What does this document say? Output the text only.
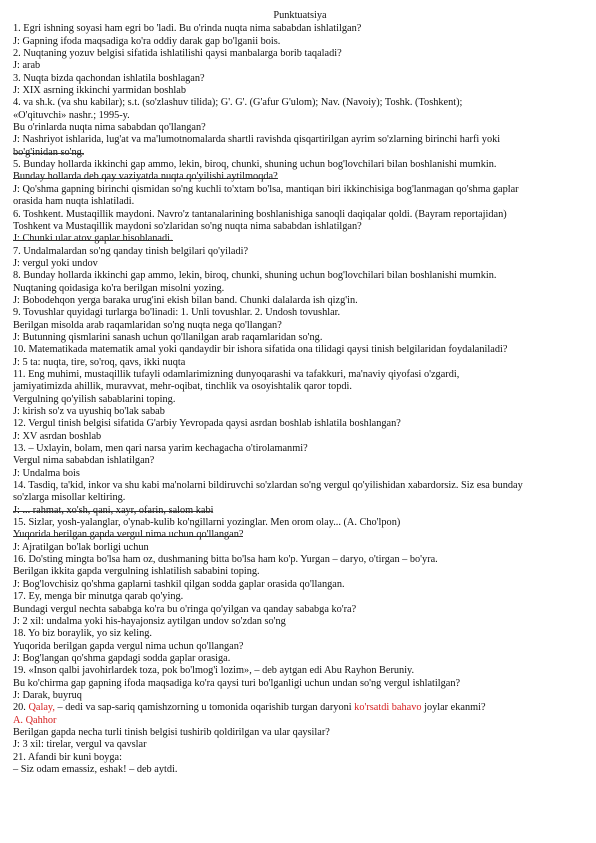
Punktuatsiya
1. Egri ishning soyasi ham egri bo 'ladi. Bu o'rinda nuqta nima sababdan ishlatilgan?
J: Gapning ifoda maqsadiga ko'ra oddiy darak gap bo'lganii bois.
2. Nuqtaning yozuv belgisi sifatida ishlatilishi qaysi manbalarga borib taqaladi?
J: arab
3. Nuqta bizda qachondan ishlatila boshlagan?
J: XIX asrning ikkinchi yarmidan boshlab
4. va sh.k. (va shu kabilar); s.t. (so'zlashuv tilida); G'. G'. (G'afur G'ulom); Nav. (Navoiy); Toshk. (Toshkent);
«O'qituvchi» nashr.; 1995-y.
Bu o'rinlarda nuqta nima sababdan qo'llangan?
J: Nashriyot ishlarida, lug'at va ma'lumotnomalarda shartli ravishda qisqartirilgan ayrim so'zlarning birinchi harfi yoki
bo'g'inidan so'ng.
5. Bunday hollarda ikkinchi gap ammo, lekin, biroq, chunki, shuning uchun bog'lovchilari bilan boshlanishi mumkin.
Bunday hollarda deb qay vaziyatda nuqta qo'yilishi aytilmoqda?
J: Qo'shma gapning birinchi qismidan so'ng kuchli to'xtam bo'lsa, mantiqan biri ikkinchisiga bog'lanmagan qo'shma gaplar
orasida ham nuqta ishlatiladi.
6. Toshkent. Mustaqillik maydoni. Navro'z tantanalarining boshlanishiga sanoqli daqiqalar qoldi. (Bayram reportajidan)
Toshkent va Mustaqillik maydoni so'zlaridan so'ng nuqta nima sababdan ishlatilgan?
J: Chunki ular atov gaplar hisoblanadi.
7. Undalmalardan so'ng qanday tinish belgilari qo'yiladi?
J: vergul yoki undov
8. Bunday hollarda ikkinchi gap ammo, lekin, biroq, chunki, shuning uchun bog'lovchilari bilan boshlanishi mumkin.
Nuqtaning qoidasiga ko'ra berilgan misolni yozing.
J: Bobodehqon yerga baraka urug'ini ekish bilan band. Chunki dalalarda ish qizg'in.
9. Tovushlar quyidagi turlarga bo'linadi: 1. Unli tovushlar. 2. Undosh tovushlar.
Berilgan misolda arab raqamlaridan so'ng nuqta nega qo'llangan?
J: Butunning qismlarini sanash uchun qo'llanilgan arab raqamlaridan so'ng.
10. Matematikada matematik amal yoki qandaydir bir ishora sifatida ona tilidagi qaysi tinish belgilaridan foydalaniladi?
J: 5 ta: nuqta, tire, so'roq, qavs, ikki nuqta
11. Eng muhimi, mustaqillik tufayli odamlarimizning dunyoqarashi va tafakkuri, ma'naviy qiyofasi o'zgardi,
jamiyatimizda ahillik, muravvat, mehr-oqibat, tinchlik va osoyishtalik qaror topdi.
Vergulning qo'yilish sabablarini toping.
J: kirish so'z va uyushiq bo'lak sabab
12. Vergul tinish belgisi sifatida G'arbiy Yevropada qaysi asrdan boshlab ishlatila boshlangan?
J: XV asrdan boshlab
13. – Uxlayin, bolam, men qari narsa yarim kechagacha o'tirolamanmi?
Vergul nima sababdan ishlatilgan?
J: Undalma bois
14. Tasdiq, ta'kid, inkor va shu kabi ma'nolarni bildiruvchi so'zlardan so'ng vergul qo'yilishidan xabardorsiz. Siz esa bunday
so'zlarga misollar keltiring.
J: ... rahmat, xo'sh, qani, xayr, ofarin, salom kabi
15. Sizlar, yosh-yalanglar, o'ynab-kulib ko'ngillarni yozinglar. Men orom olay... (A. Cho'lpon)
Yuqorida berilgan gapda vergul nima uchun qo'llangan?
J: Ajratilgan bo'lak borligi uchun
16. Do'sting mingta bo'lsa ham oz, dushmaning bitta bo'lsa ham ko'p. Yurgan – daryo, o'tirgan – bo'yra.
Berilgan ikkita gapda vergulning ishlatilish sababini toping.
J: Bog'lovchisiz qo'shma gaplarni tashkil qilgan sodda gaplar orasida qo'llangan.
17. Ey, menga bir minutga qarab qo'ying.
Bundagi vergul nechta sababga ko'ra bu o'ringa qo'yilgan va qanday sababga ko'ra?
J: 2 xil: undalma yoki his-hayajonsiz aytilgan undov so'zdan so'ng
18. Yo biz boraylik, yo siz keling.
Yuqorida berilgan gapda vergul nima uchun qo'llangan?
J: Bog'langan qo'shma gapdagi sodda gaplar orasiga.
19. «Inson qalbi javohirlardek toza, pok bo'lmog'i lozim», – deb aytgan edi Abu Rayhon Beruniy.
Bu ko'chirma gap gapning ifoda maqsadiga ko'ra qaysi turi bo'lganligi uchun undan so'ng vergul ishlatilgan?
J: Darak, buyruq
20. Qalay, – dedi va sap-sariq qamishzorning u tomonida oqarishib turgan daryoni ko'rsatdi bahavo joylar ekanmi?
A. Qahhor
Berilgan gapda necha turli tinish belgisi tushirib qoldirilgan va ular qaysilar?
J: 3 xil: tirelar, vergul va qavslar
21. Afandi bir kuni boyga:
– Siz odam emassiz, eshak! – deb aytdi.
